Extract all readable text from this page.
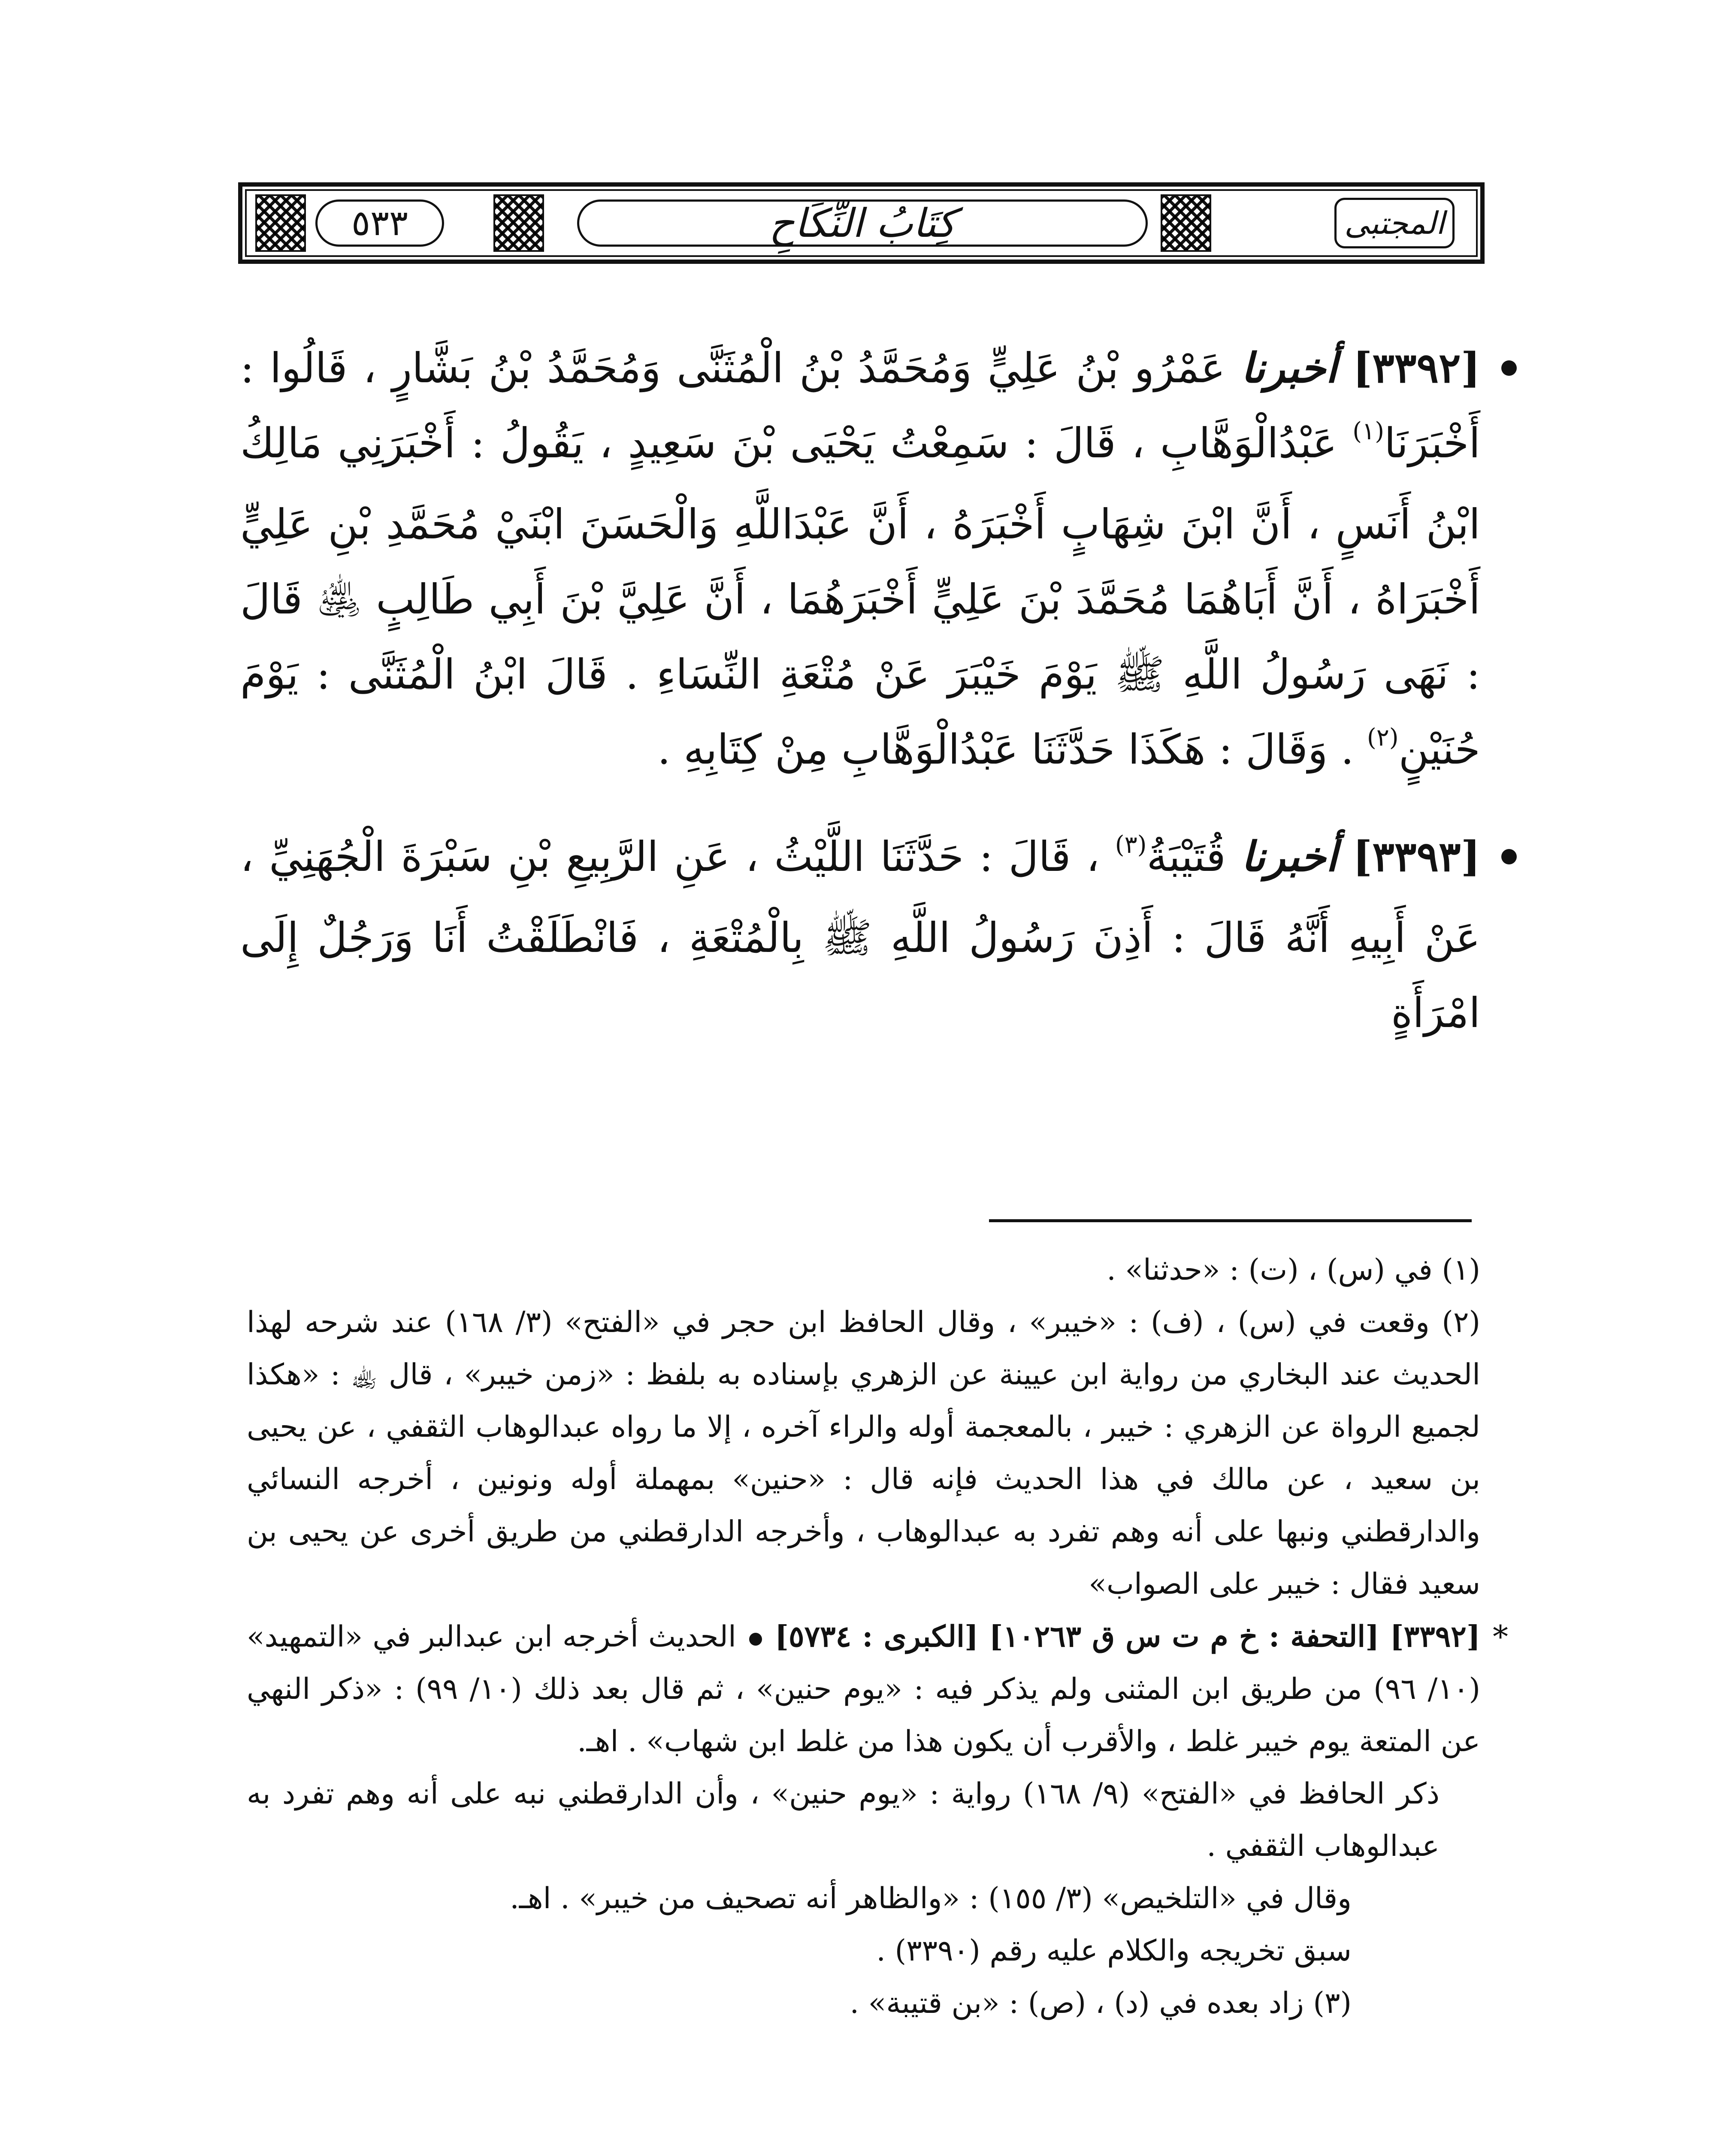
٥٣٣	كِتَابُ النِّكَاحِ	المجتبى
[٣٣٩٢] أخبرنا عَمْرُو بْنُ عَلِيٍّ وَمُحَمَّدُ بْنُ الْمُثَنَّى وَمُحَمَّدُ بْنُ بَشَّارٍ ، قَالُوا : أَخْبَرَنَا$^{(١)}$ عَبْدُالْوَهَّابِ ، قَالَ : سَمِعْتُ يَحْيَى بْنَ سَعِيدٍ ، يَقُولُ : أَخْبَرَنِي مَالِكُ ابْنُ أَنَسٍ ، أَنَّ ابْنَ شِهَابٍ أَخْبَرَهُ ، أَنَّ عَبْدَاللَّهِ وَالْحَسَنَ ابْنَيْ مُحَمَّدِ بْنِ عَلِيٍّ أَخْبَرَاهُ ، أَنَّ أَبَاهُمَا مُحَمَّدَ بْنَ عَلِيٍّ أَخْبَرَهُمَا ، أَنَّ عَلِيَّ بْنَ أَبِي طَالِبٍ ﵁ قَالَ : نَهَى رَسُولُ اللَّهِ ﷺ يَوْمَ خَيْبَرَ عَنْ مُتْعَةِ النِّسَاءِ . قَالَ ابْنُ الْمُثَنَّى : يَوْمَ حُنَيْنٍ$^{(٢)}$ . وَقَالَ : هَكَذَا حَدَّثَنَا عَبْدُالْوَهَّابِ مِنْ كِتَابِهِ .
[٣٣٩٣] أخبرنا قُتَيْبَةُ$^{(٣)}$ ، قَالَ : حَدَّثَنَا اللَّيْثُ ، عَنِ الرَّبِيعِ بْنِ سَبْرَةَ الْجُهَنِيِّ ، عَنْ أَبِيهِ أَنَّهُ قَالَ : أَذِنَ رَسُولُ اللَّهِ ﷺ بِالْمُتْعَةِ ، فَانْطَلَقْتُ أَنَا وَرَجُلٌ إِلَى امْرَأَةٍ
(١) في (س) ، (ت) : «حدثنا» .
(٢) وقعت في (س) ، (ف) : «خيبر» ، وقال الحافظ ابن حجر في «الفتح» (٣/ ١٦٨) عند شرحه لهذا الحديث عند البخاري من رواية ابن عيينة عن الزهري بإسناده به بلفظ : «زمن خيبر» ، قال ﵀ : «هكذا لجميع الرواة عن الزهري : خيبر ، بالمعجمة أوله والراء آخره ، إلا ما رواه عبدالوهاب الثقفي ، عن يحيى بن سعيد ، عن مالك في هذا الحديث فإنه قال : «حنين» بمهملة أوله ونونين ، أخرجه النسائي والدارقطني ونبها على أنه وهم تفرد به عبدالوهاب ، وأخرجه الدارقطني من طريق أخرى عن يحيى بن سعيد فقال : خيبر على الصواب»
*
[٣٣٩٢] [التحفة : خ م ت س ق ١٠٢٦٣] [الكبرى : ٥٧٣٤]الحديث أخرجه ابن عبدالبر في «التمهيد» (١٠/ ٩٦) من طريق ابن المثنى ولم يذكر فيه : «يوم حنين» ، ثم قال بعد ذلك (١٠/ ٩٩) : «ذكر النهي عن المتعة يوم خيبر غلط ، والأقرب أن يكون هذا من غلط ابن شهاب» . اهـ.
ذكر الحافظ في «الفتح» (٩/ ١٦٨) رواية : «يوم حنين» ، وأن الدارقطني نبه على أنه وهم تفرد به عبدالوهاب الثقفي .
وقال في «التلخيص» (٣/ ١٥٥) : «والظاهر أنه تصحيف من خيبر» . اهـ.
سبق تخريجه والكلام عليه رقم (٣٣٩٠) .
(٣) زاد بعده في (د) ، (ص) : «بن قتيبة» .
